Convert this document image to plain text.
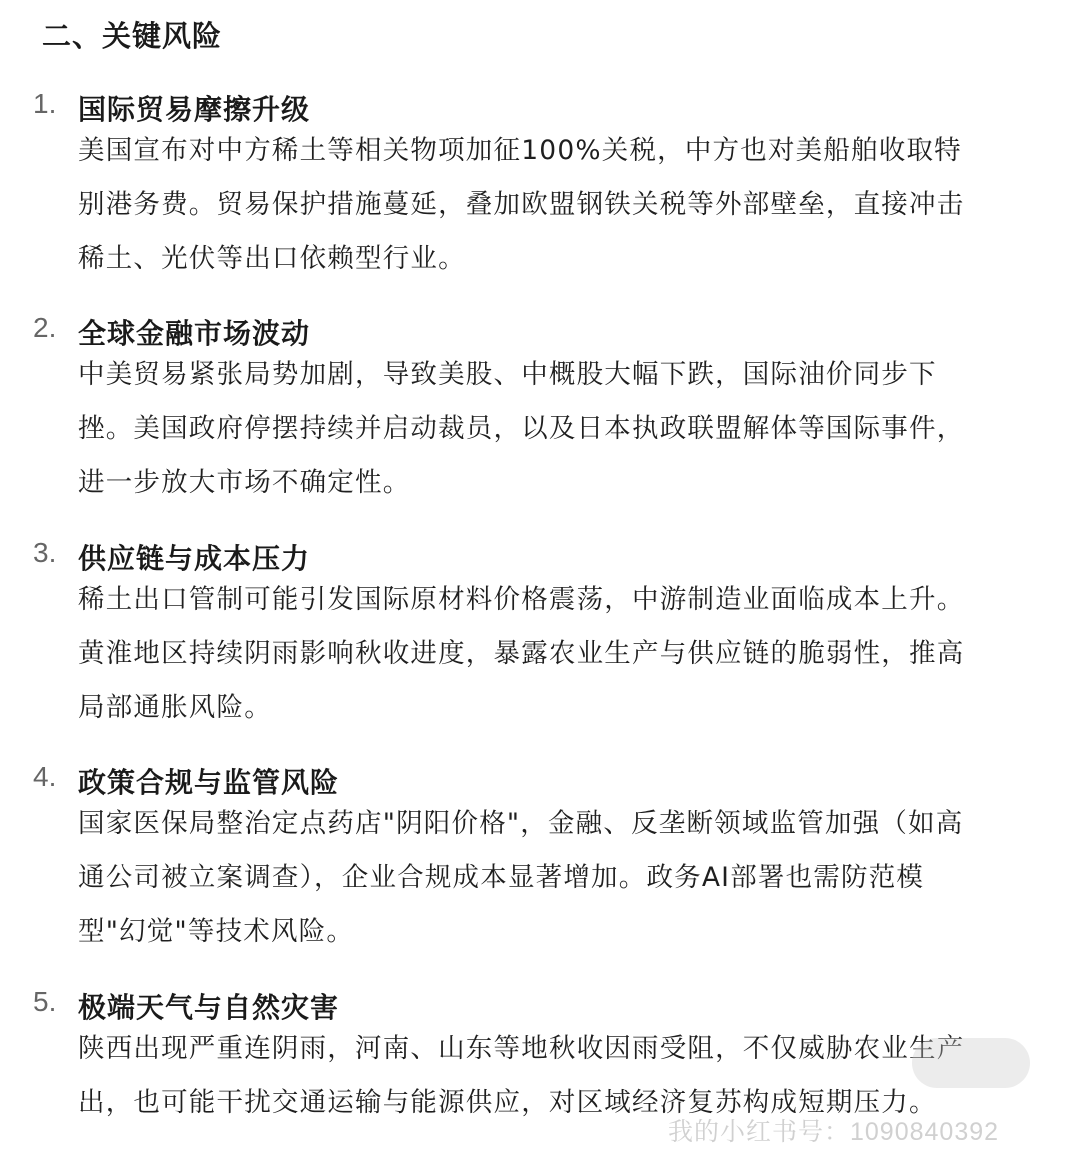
二、关键风险
1. 国际贸易摩擦升级
美国宣布对中方稀土等相关物项加征100%关税，中方也对美船舶收取特
别港务费。贸易保护措施蔓延，叠加欧盟钢铁关税等外部壁垒，直接冲击
稀土、光伏等出口依赖型行业。
2. 全球金融市场波动
中美贸易紧张局势加剧，导致美股、中概股大幅下跌，国际油价同步下
挫。美国政府停摆持续并启动裁员，以及日本执政联盟解体等国际事件，
进一步放大市场不确定性。
3. 供应链与成本压力
稀土出口管制可能引发国际原材料价格震荡，中游制造业面临成本上升。
黄淮地区持续阴雨影响秋收进度，暴露农业生产与供应链的脆弱性，推高
局部通胀风险。
4. 政策合规与监管风险
国家医保局整治定点药店"阴阳价格"，金融、反垄断领域监管加强（如高
通公司被立案调查），企业合规成本显著增加。政务AI部署也需防范模
型"幻觉"等技术风险。
5. 极端天气与自然灾害
陕西出现严重连阴雨，河南、山东等地秋收因雨受阻，不仅威胁农业生产
出，也可能干扰交通运输与能源供应，对区域经济复苏构成短期压力。
我的小红书号：1090840392
